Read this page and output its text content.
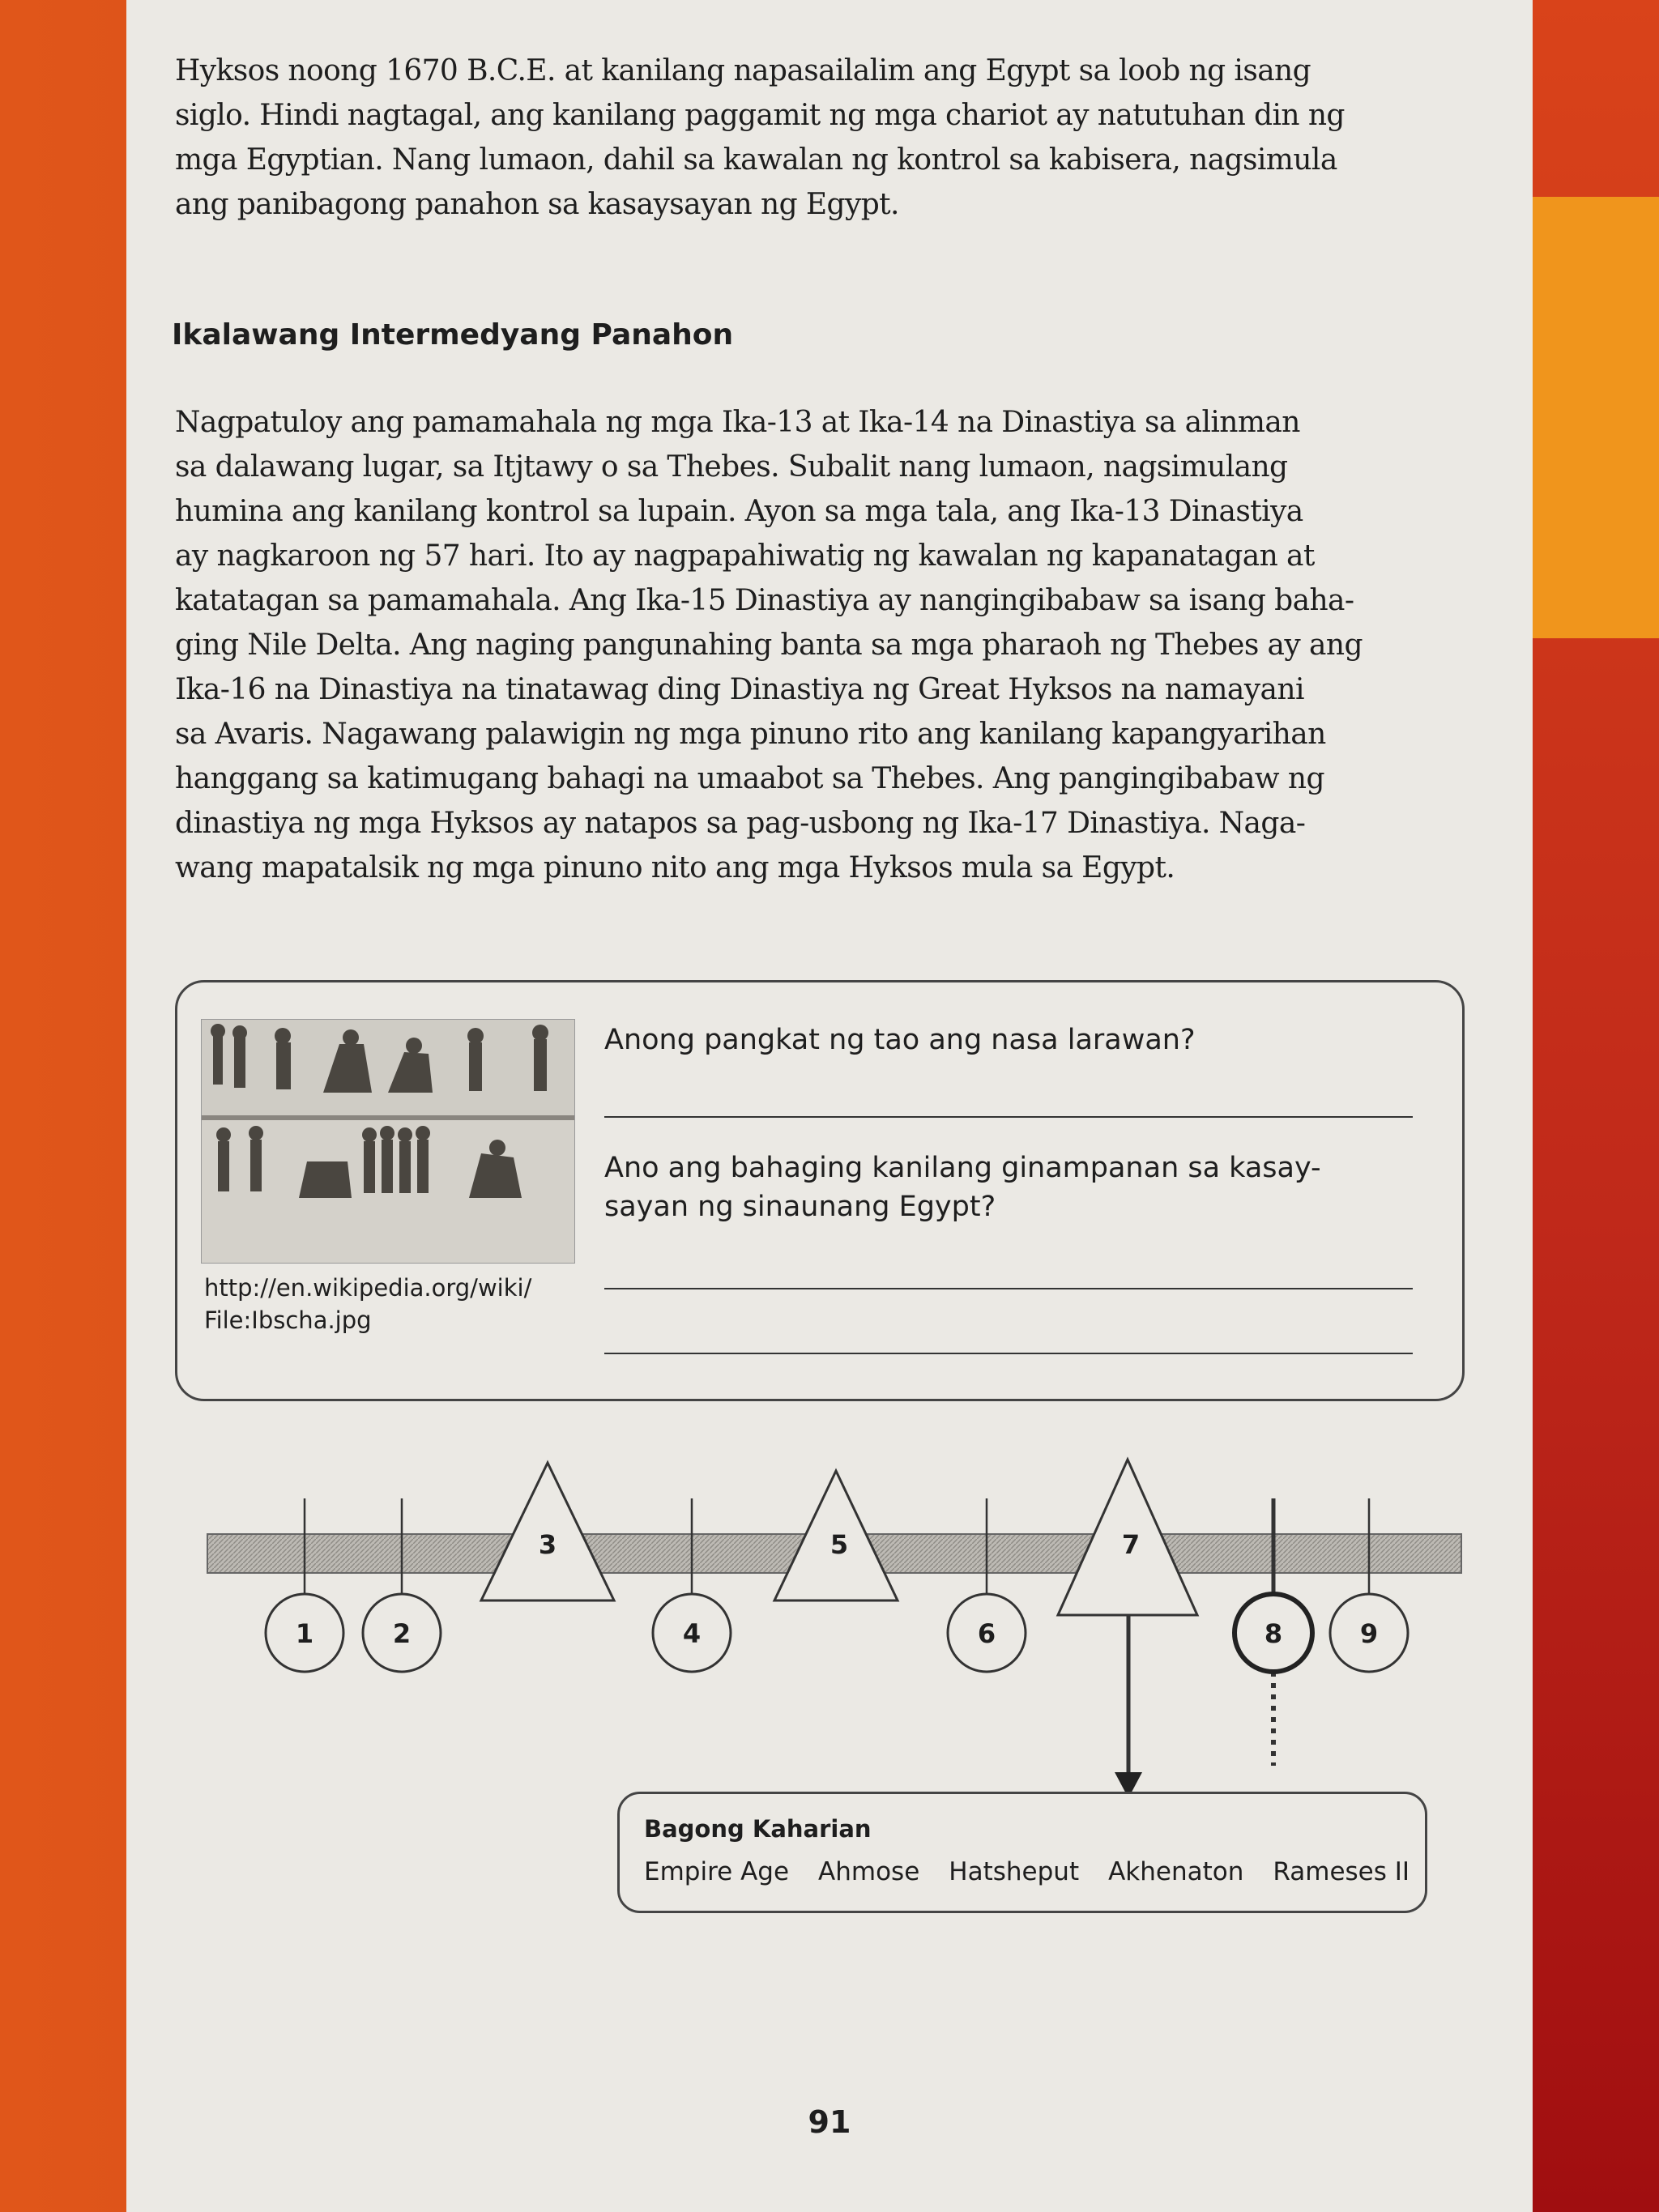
Hyksos noong 1670 B.C.E. at kanilang napasailalim ang Egypt sa loob ng isang
siglo. Hindi nagtagal, ang kanilang paggamit ng mga chariot ay natutuhan din ng
mga Egyptian. Nang lumaon, dahil sa kawalan ng kontrol sa kabisera, nagsimula
ang panibagong panahon sa kasaysayan ng Egypt.

Ikalawang Intermedyang Panahon

Nagpatuloy ang pamamahala ng mga Ika-13 at Ika-14 na Dinastiya sa alinman
sa dalawang lugar, sa Itjtawy o sa Thebes. Subalit nang lumaon, nagsimulang
humina ang kanilang kontrol sa lupain. Ayon sa mga tala, ang Ika-13 Dinastiya
ay nagkaroon ng 57 hari. Ito ay nagpapahiwatig ng kawalan ng kapanatagan at
katatagan sa pamamahala. Ang Ika-15 Dinastiya ay nangingibabaw sa isang baha-
ging Nile Delta. Ang naging pangunahing banta sa mga pharaoh ng Thebes ay ang
Ika-16 na Dinastiya na tinatawag ding Dinastiya ng Great Hyksos na namayani
sa Avaris. Nagawang palawigin ng mga pinuno rito ang kanilang kapangyarihan
hanggang sa katimugang bahagi na umaabot sa Thebes. Ang pangingibabaw ng
dinastiya ng mga Hyksos ay natapos sa pag-usbong ng Ika-17 Dinastiya. Naga-
wang mapatalsik ng mga pinuno nito ang mga Hyksos mula sa Egypt.

http://en.wikipedia.org/wiki/
File:Ibscha.jpg

Anong pangkat ng tao ang nasa larawan?

Ano ang bahaging kanilang ginampanan sa kasay-
sayan ng sinaunang Egypt?

3	5	7
1	2	4	6	8	9

Bagong Kaharian

Empire Age Ahmose Hatsheput Akhenaton Rameses II

91
